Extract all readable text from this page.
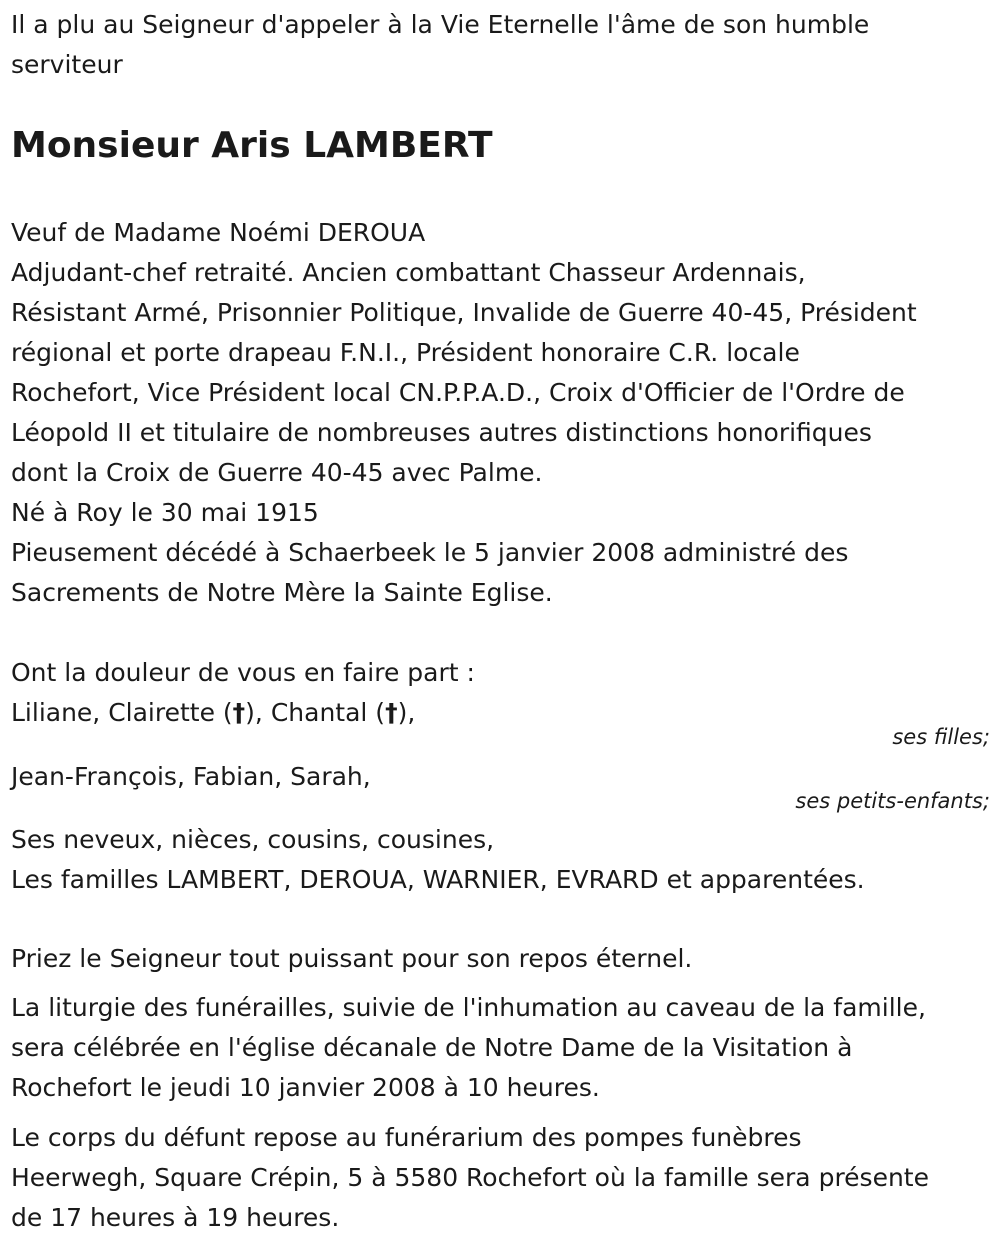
Il a plu au Seigneur d'appeler à la Vie Eternelle l'âme de son humble
serviteur
Monsieur Aris LAMBERT
Veuf de Madame Noémi DEROUA
Adjudant-chef retraité. Ancien combattant Chasseur Ardennais,
Résistant Armé, Prisonnier Politique, Invalide de Guerre 40-45, Président
régional et porte drapeau F.N.I., Président honoraire C.R. locale
Rochefort, Vice Président local CN.P.P.A.D., Croix d'Officier de l'Ordre de
Léopold II et titulaire de nombreuses autres distinctions honorifiques
dont la Croix de Guerre 40-45 avec Palme.
Né à Roy le 30 mai 1915
Pieusement décédé à Schaerbeek le 5 janvier 2008 administré des
Sacrements de Notre Mère la Sainte Eglise.
Ont la douleur de vous en faire part :
Liliane, Clairette (†), Chantal (†),
ses filles;
Jean-François, Fabian, Sarah,
ses petits-enfants;
Ses neveux, nièces, cousins, cousines,
Les familles LAMBERT, DEROUA, WARNIER, EVRARD et apparentées.
Priez le Seigneur tout puissant pour son repos éternel.
La liturgie des funérailles, suivie de l'inhumation au caveau de la famille,
sera célébrée en l'église décanale de Notre Dame de la Visitation à
Rochefort le jeudi 10 janvier 2008 à 10 heures.
Le corps du défunt repose au funérarium des pompes funèbres
Heerwegh, Square Crépin, 5 à 5580 Rochefort où la famille sera présente
de 17 heures à 19 heures.
